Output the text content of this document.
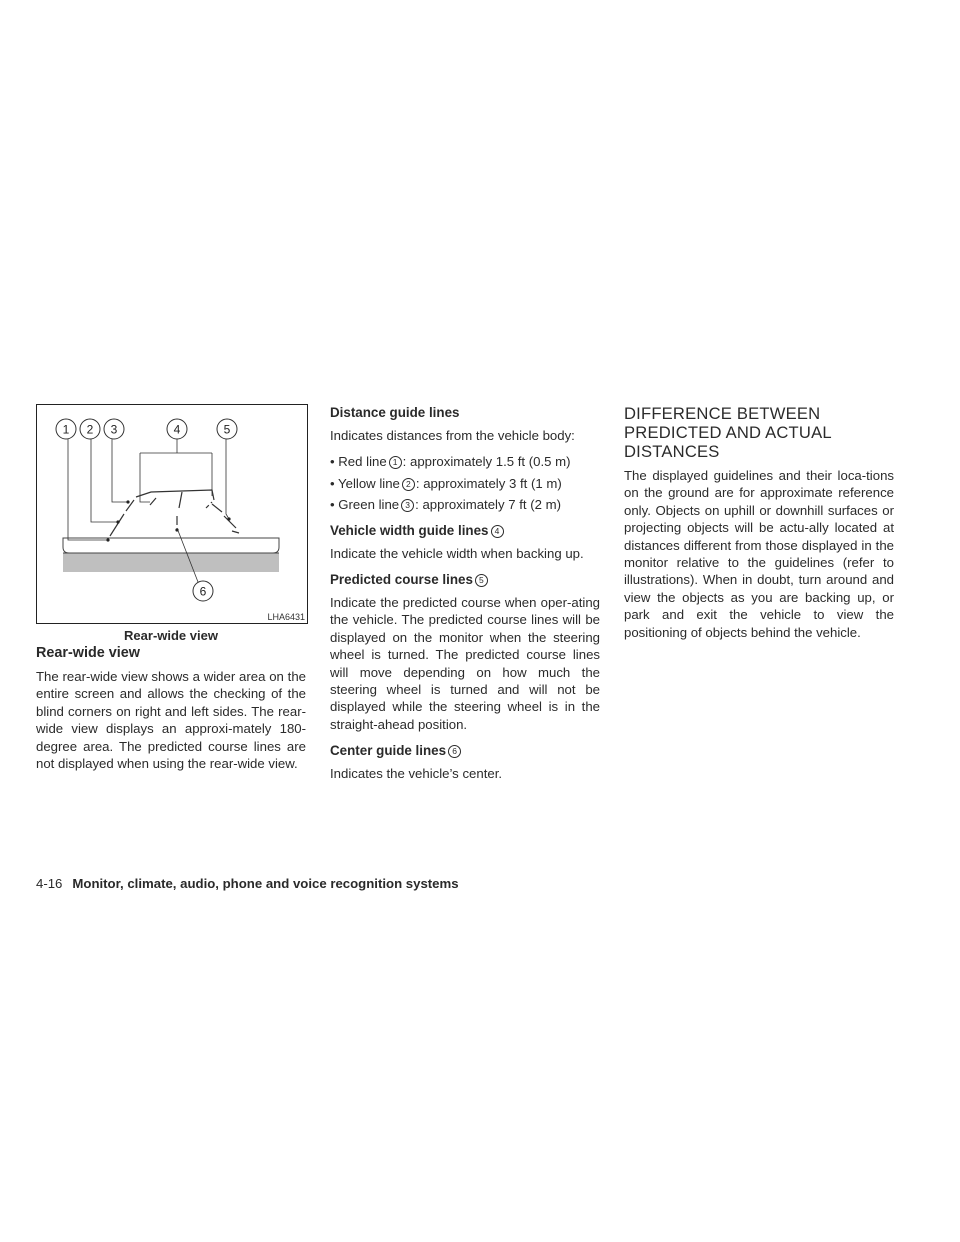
1 2 3	4	5
6
LHA6431
Rear-wide view
Rear-wide view

The rear-wide view shows a wider area on the entire screen and allows the checking of the blind corners on right and left sides. The rear-wide view displays an approxi-mately 180-degree area. The predicted course lines are not displayed when using the rear-wide view.

Distance guide lines

Indicates distances from the vehicle body:

• Red line 1 : approximately 1.5 ft (0.5 m)
• Yellow line 2 : approximately 3 ft (1 m)
• Green line 3 : approximately 7 ft (2 m)
Vehicle width guide lines 4

Indicate the vehicle width when backing up.

Predicted course lines 5

Indicate the predicted course when oper-ating the vehicle. The predicted course lines will be displayed on the monitor when the steering wheel is turned. The predicted course lines will move depending on how much the steering wheel is turned and will not be displayed while the steering wheel is in the straight-ahead position.

Center guide lines 6

Indicates the vehicle’s center.

DIFFERENCE BETWEEN PREDICTED AND ACTUAL DISTANCES

The displayed guidelines and their loca-tions on the ground are for approximate reference only. Objects on uphill or downhill surfaces or projecting objects will be actu-ally located at distances different from those displayed in the monitor relative to the guidelines (refer to illustrations). When in doubt, turn around and view the objects as you are backing up, or park and exit the vehicle to view the positioning of objects behind the vehicle.

4-16 Monitor, climate, audio, phone and voice recognition systems
